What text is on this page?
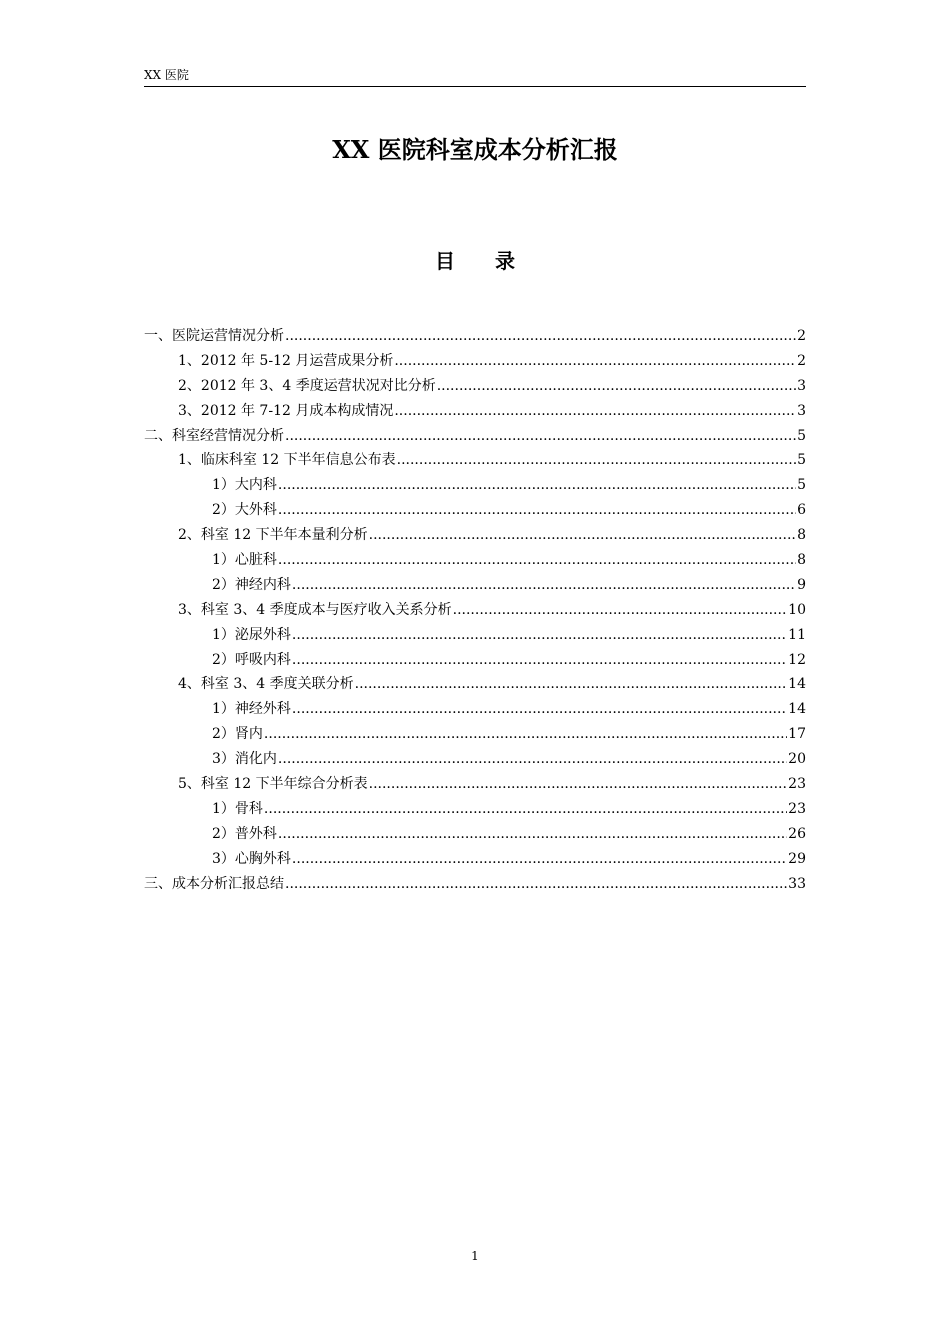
XX 医院
XX 医院科室成本分析汇报
目 录
一、医院运营情况分析 .....	2
1、2012 年 5-12 月运营成果分析 .....	2
2、2012 年 3、4 季度运营状况对比分析 .....	3
3、2012 年 7-12 月成本构成情况 .....	3
二、科室经营情况分析 .....	5
1、临床科室 12 下半年信息公布表 .....	5
1）大内科 .....	5
2）大外科 .....	6
2、科室 12 下半年本量利分析 .....	8
1）心脏科 .....	8
2）神经内科 .....	9
3、科室 3、4 季度成本与医疗收入关系分析 .....	10
1）泌尿外科 .....	11
2）呼吸内科 .....	12
4、科室 3、4 季度关联分析 .....	14
1）神经外科 .....	14
2）肾内 .....	17
3）消化内 .....	20
5、科室 12 下半年综合分析表 .....	23
1）骨科 .....	23
2）普外科 .....	26
3）心胸外科 .....	29
三、成本分析汇报总结 .....	33
1
